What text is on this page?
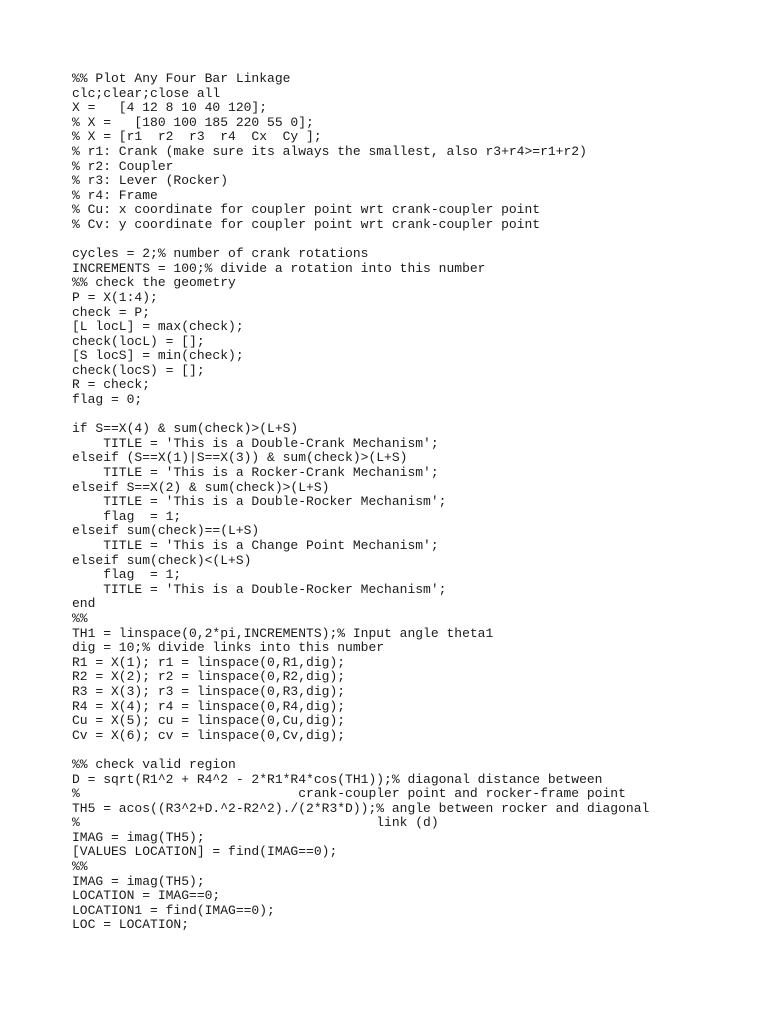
%% Plot Any Four Bar Linkage
clc;clear;close all
X =   [4 12 8 10 40 120];
% X =   [180 100 185 220 55 0];
% X = [r1  r2  r3  r4  Cx  Cy ];
% r1: Crank (make sure its always the smallest, also r3+r4>=r1+r2)
% r2: Coupler
% r3: Lever (Rocker)
% r4: Frame
% Cu: x coordinate for coupler point wrt crank-coupler point
% Cv: y coordinate for coupler point wrt crank-coupler point
cycles = 2;% number of crank rotations
INCREMENTS = 100;% divide a rotation into this number
%% check the geometry
P = X(1:4);
check = P;
[L locL] = max(check);
check(locL) = [];
[S locS] = min(check);
check(locS) = [];
R = check;
flag = 0;
if S==X(4) & sum(check)>(L+S)
TITLE = 'This is a Double-Crank Mechanism';
elseif (S==X(1)|S==X(3)) & sum(check)>(L+S)
TITLE = 'This is a Rocker-Crank Mechanism';
elseif S==X(2) & sum(check)>(L+S)
TITLE = 'This is a Double-Rocker Mechanism';
flag  = 1;
elseif sum(check)==(L+S)
TITLE = 'This is a Change Point Mechanism';
elseif sum(check)<(L+S)
flag  = 1;
TITLE = 'This is a Double-Rocker Mechanism';
end
%%
TH1 = linspace(0,2*pi,INCREMENTS);% Input angle theta1
dig = 10;% divide links into this number
R1 = X(1); r1 = linspace(0,R1,dig);
R2 = X(2); r2 = linspace(0,R2,dig);
R3 = X(3); r3 = linspace(0,R3,dig);
R4 = X(4); r4 = linspace(0,R4,dig);
Cu = X(5); cu = linspace(0,Cu,dig);
Cv = X(6); cv = linspace(0,Cv,dig);
%% check valid region
D = sqrt(R1^2 + R4^2 - 2*R1*R4*cos(TH1));% diagonal distance between
%                            crank-coupler point and rocker-frame point
TH5 = acos((R3^2+D.^2-R2^2)./(2*R3*D));% angle between rocker and diagonal
%                                      link (d)
IMAG = imag(TH5);
[VALUES LOCATION] = find(IMAG==0);
%%
IMAG = imag(TH5);
LOCATION = IMAG==0;
LOCATION1 = find(IMAG==0);
LOC = LOCATION;
